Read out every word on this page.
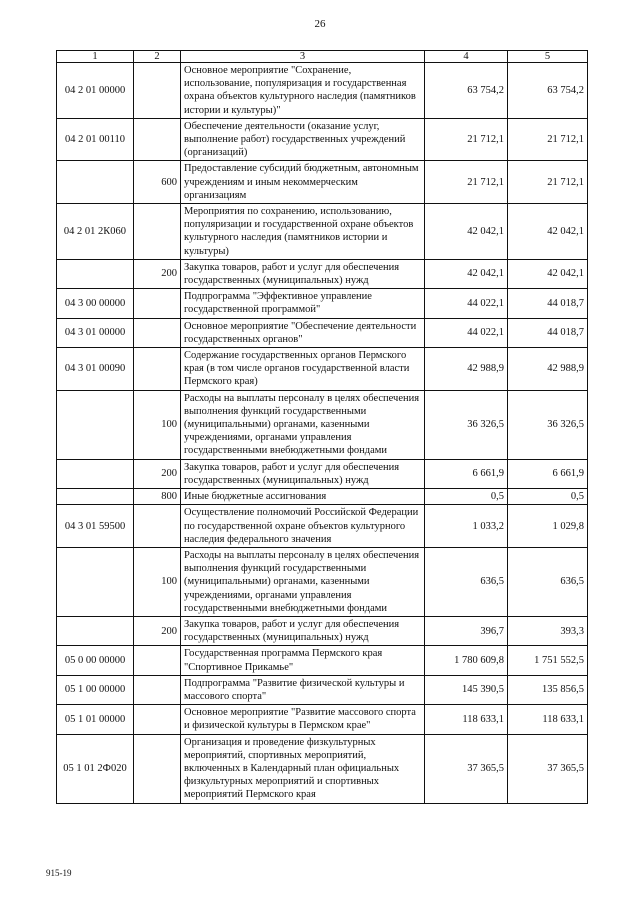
26
1	2	3	4	5
04 2 01 00000		Основное мероприятие "Сохранение, использование, популяризация и государственная охрана объектов культурного наследия (памятников истории и культуры)"	63 754,2	63 754,2
04 2 01 00110		Обеспечение деятельности (оказание услуг, выполнение работ) государственных учреждений (организаций)	21 712,1	21 712,1
	600	Предоставление субсидий бюджетным, автономным учреждениям и иным некоммерческим организациям	21 712,1	21 712,1
04 2 01 2К060		Мероприятия по сохранению, использованию, популяризации и государственной охране объектов культурного наследия (памятников истории и культуры)	42 042,1	42 042,1
	200	Закупка товаров, работ и услуг для обеспечения государственных (муниципальных) нужд	42 042,1	42 042,1
04 3 00 00000		Подпрограмма "Эффективное управление государственной программой"	44 022,1	44 018,7
04 3 01 00000		Основное мероприятие "Обеспечение деятельности государственных органов"	44 022,1	44 018,7
04 3 01 00090		Содержание государственных органов Пермского края (в том числе органов государственной власти Пермского края)	42 988,9	42 988,9
	100	Расходы на выплаты персоналу в целях обеспечения выполнения функций государственными (муниципальными) органами, казенными учреждениями, органами управления государственными внебюджетными фондами	36 326,5	36 326,5
	200	Закупка товаров, работ и услуг для обеспечения государственных (муниципальных) нужд	6 661,9	6 661,9
	800	Иные бюджетные ассигнования	0,5	0,5
04 3 01 59500		Осуществление полномочий Российской Федерации по государственной охране объектов культурного наследия федерального значения	1 033,2	1 029,8
	100	Расходы на выплаты персоналу в целях обеспечения выполнения функций государственными (муниципальными) органами, казенными учреждениями, органами управления государственными внебюджетными фондами	636,5	636,5
	200	Закупка товаров, работ и услуг для обеспечения государственных (муниципальных) нужд	396,7	393,3
05 0 00 00000		Государственная программа Пермского края "Спортивное Прикамье"	1 780 609,8	1 751 552,5
05 1 00 00000		Подпрограмма "Развитие физической культуры и массового спорта"	145 390,5	135 856,5
05 1 01 00000		Основное мероприятие "Развитие массового спорта и физической культуры в Пермском крае"	118 633,1	118 633,1
05 1 01 2Ф020		Организация и проведение физкультурных мероприятий, спортивных мероприятий, включенных в Календарный план официальных физкультурных мероприятий и спортивных мероприятий Пермского края	37 365,5	37 365,5
915-19
